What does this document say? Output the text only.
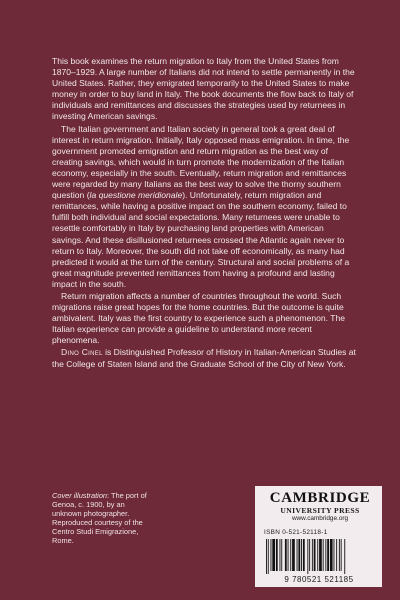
This book examines the return migration to Italy from the United States from 1870–1929. A large number of Italians did not intend to settle permanently in the United States. Rather, they emigrated temporarily to the United States to make money in order to buy land in Italy. The book documents the flow back to Italy of individuals and remittances and discusses the strategies used by returnees in investing American savings.

The Italian government and Italian society in general took a great deal of interest in return migration. Initially, Italy opposed mass emigration. In time, the government promoted emigration and return migration as the best way of creating savings, which would in turn promote the modernization of the Italian economy, especially in the south. Eventually, return migration and remittances were regarded by many Italians as the best way to solve the thorny southern question (la questione meridionale). Unfortunately, return migration and remittances, while having a positive impact on the southern economy, failed to fulfill both individual and social expectations. Many returnees were unable to resettle comfortably in Italy by purchasing land properties with American savings. And these disillusioned returnees crossed the Atlantic again never to return to Italy. Moreover, the south did not take off economically, as many had predicted it would at the turn of the century. Structural and social problems of a great magnitude prevented remittances from having a profound and lasting impact in the south.

Return migration affects a number of countries throughout the world. Such migrations raise great hopes for the home countries. But the outcome is quite ambivalent. Italy was the first country to experience such a phenomenon. The Italian experience can provide a guideline to understand more recent phenomena.

Dino Cinel is Distinguished Professor of History in Italian-American Studies at the College of Staten Island and the Graduate School of the City of New York.

Cover illustration: The port of Genoa, c. 1900, by an unknown photographer. Reproduced courtesy of the Centro Studi Emigrazione, Rome.
CAMBRIDGE
UNIVERSITY PRESS
www.cambridge.org
ISBN 0-521-52118-1
9 780521 521185
